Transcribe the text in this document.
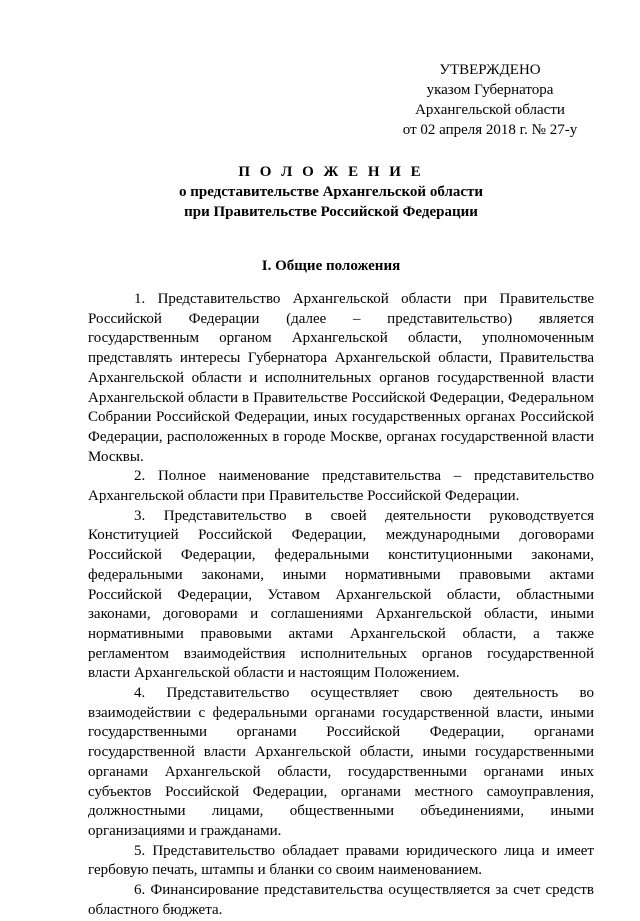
УТВЕРЖДЕНО
указом Губернатора
Архангельской области
от 02 апреля 2018 г. № 27-у
П О Л О Ж Е Н И Е
о представительстве Архангельской области
при Правительстве Российской Федерации
I. Общие положения

1. Представительство Архангельской области при Правительстве Российской Федерации (далее – представительство) является государственным органом Архангельской области, уполномоченным представлять интересы Губернатора Архангельской области, Правительства Архангельской области и исполнительных органов государственной власти Архангельской области в Правительстве Российской Федерации, Федеральном Собрании Российской Федерации, иных государственных органах Российской Федерации, расположенных в городе Москве, органах государственной власти Москвы.

2. Полное наименование представительства – представительство Архангельской области при Правительстве Российской Федерации.

3. Представительство в своей деятельности руководствуется Конституцией Российской Федерации, международными договорами Российской Федерации, федеральными конституционными законами, федеральными законами, иными нормативными правовыми актами Российской Федерации, Уставом Архангельской области, областными законами, договорами и соглашениями Архангельской области, иными нормативными правовыми актами Архангельской области, а также регламентом взаимодействия исполнительных органов государственной власти Архангельской области и настоящим Положением.

4. Представительство осуществляет свою деятельность во взаимодействии с федеральными органами государственной власти, иными государственными органами Российской Федерации, органами государственной власти Архангельской области, иными государственными органами Архангельской области, государственными органами иных субъектов Российской Федерации, органами местного самоуправления, должностными лицами, общественными объединениями, иными организациями и гражданами.

5. Представительство обладает правами юридического лица и имеет гербовую печать, штампы и бланки со своим наименованием.

6. Финансирование представительства осуществляется за счет средств областного бюджета.
